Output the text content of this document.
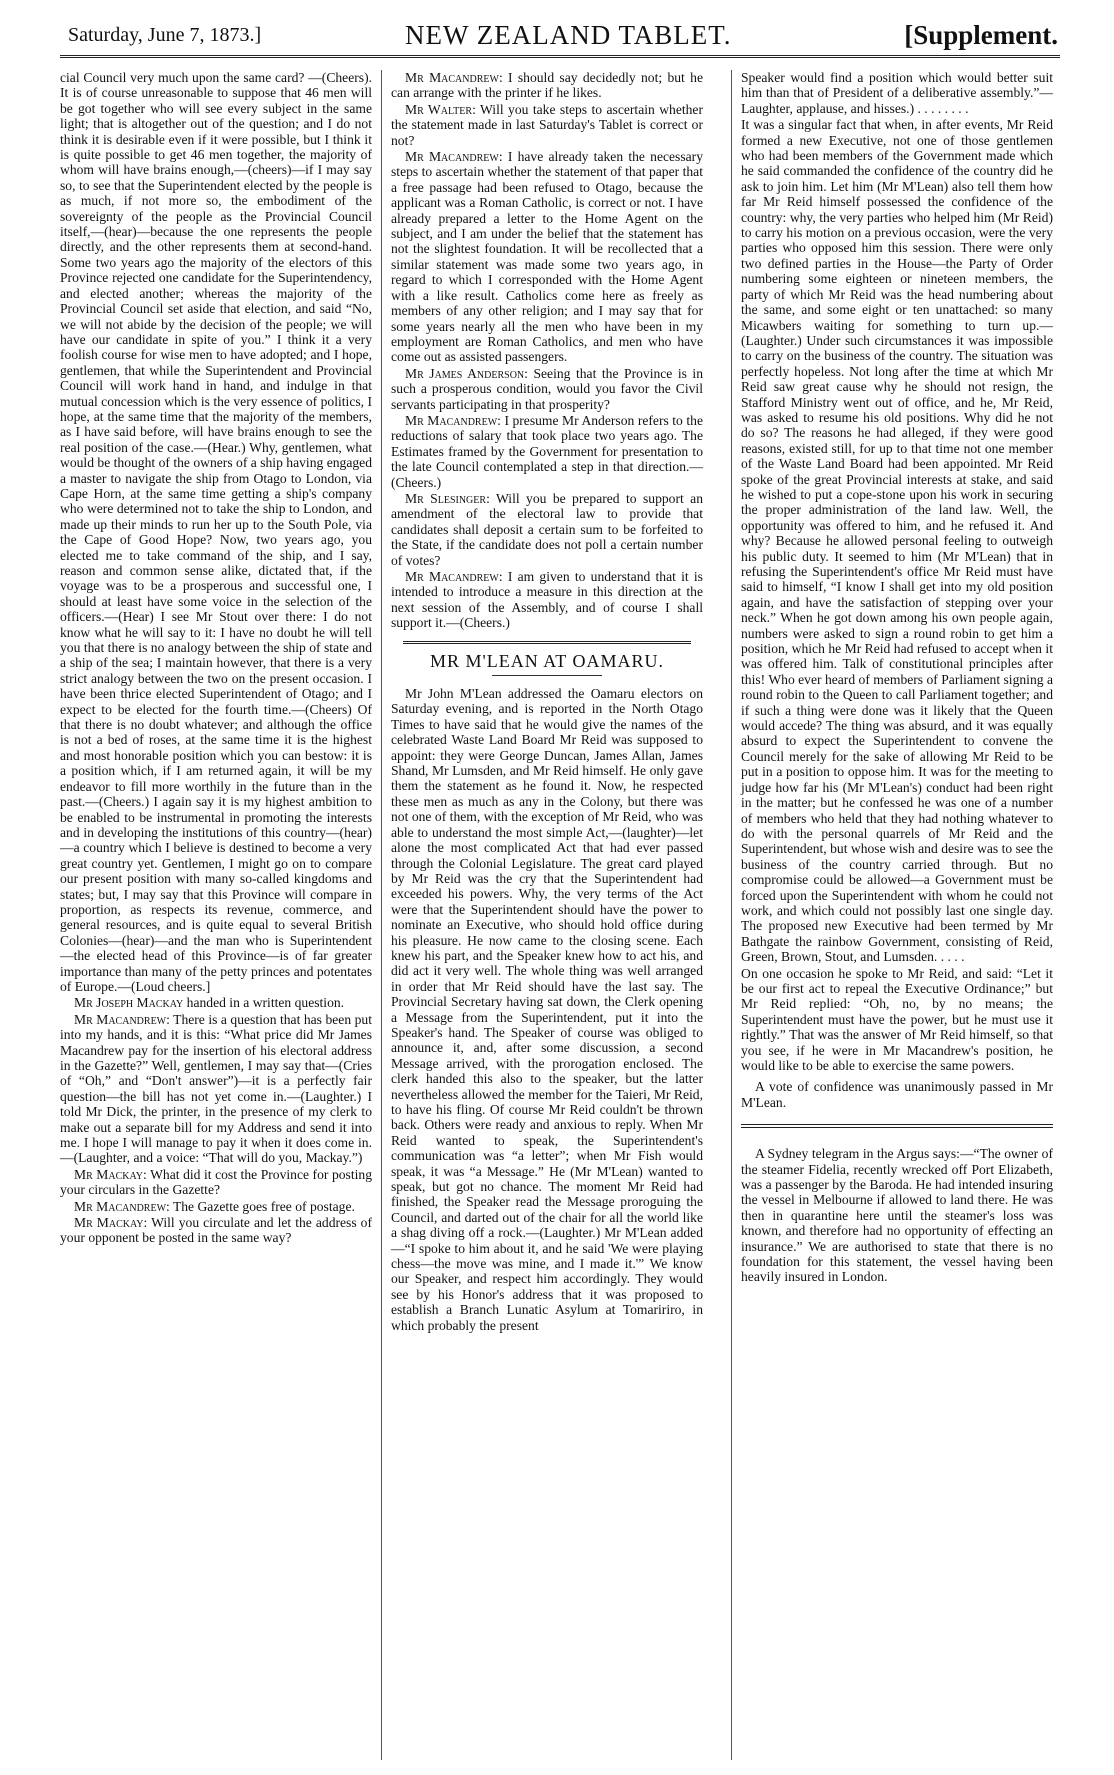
Saturday, June 7, 1873.]	NEW ZEALAND TABLET.	[Supplement.

cial Council very much upon the same card? —(Cheers). It is of course unreasonable to suppose that 46 men will be got together who will see every subject in the same light; that is altogether out of the question; and I do not think it is desirable even if it were possible, but I think it is quite possible to get 46 men together, the majority of whom will have brains enough,—(cheers)—if I may say so, to see that the Superintendent elected by the people is as much, if not more so, the embodiment of the sovereignty of the people as the Provincial Council itself,—(hear)—because the one represents the people directly, and the other represents them at second-hand. Some two years ago the majority of the electors of this Province rejected one candidate for the Superintendency, and elected another; whereas the majority of the Provincial Council set aside that election, and said “No, we will not abide by the decision of the people; we will have our candidate in spite of you.” I think it a very foolish course for wise men to have adopted; and I hope, gentlemen, that while the Superintendent and Provincial Council will work hand in hand, and indulge in that mutual concession which is the very essence of politics, I hope, at the same time that the majority of the members, as I have said before, will have brains enough to see the real position of the case.—(Hear.) Why, gentlemen, what would be thought of the owners of a ship having engaged a master to navigate the ship from Otago to London, via Cape Horn, at the same time getting a ship's company who were determined not to take the ship to London, and made up their minds to run her up to the South Pole, via the Cape of Good Hope? Now, two years ago, you elected me to take command of the ship, and I say, reason and common sense alike, dictated that, if the voyage was to be a prosperous and successful one, I should at least have some voice in the selection of the officers.—(Hear) I see Mr Stout over there: I do not know what he will say to it: I have no doubt he will tell you that there is no analogy between the ship of state and a ship of the sea; I maintain however, that there is a very strict analogy between the two on the present occasion. I have been thrice elected Superintendent of Otago; and I expect to be elected for the fourth time.—(Cheers) Of that there is no doubt whatever; and although the office is not a bed of roses, at the same time it is the highest and most honorable position which you can bestow: it is a position which, if I am returned again, it will be my endeavor to fill more worthily in the future than in the past.—(Cheers.) I again say it is my highest ambition to be enabled to be instrumental in promoting the interests and in developing the institutions of this country—(hear)—a country which I believe is destined to become a very great country yet. Gentlemen, I might go on to compare our present position with many so-called kingdoms and states; but, I may say that this Province will compare in proportion, as respects its revenue, commerce, and general resources, and is quite equal to several British Colonies—(hear)—and the man who is Superintendent—the elected head of this Province—is of far greater importance than many of the petty princes and potentates of Europe.—(Loud cheers.]

Mr Joseph Mackay handed in a written question.

Mr Macandrew: There is a question that has been put into my hands, and it is this: “What price did Mr James Macandrew pay for the insertion of his electoral address in the Gazette?” Well, gentlemen, I may say that—(Cries of “Oh,” and “Don't answer”)—it is a perfectly fair question—the bill has not yet come in.—(Laughter.) I told Mr Dick, the printer, in the presence of my clerk to make out a separate bill for my Address and send it into me. I hope I will manage to pay it when it does come in.—(Laughter, and a voice: “That will do you, Mackay.”)

Mr Mackay: What did it cost the Province for posting your circulars in the Gazette?

Mr Macandrew: The Gazette goes free of postage.

Mr Mackay: Will you circulate and let the address of your opponent be posted in the same way?

Mr Macandrew: I should say decidedly not; but he can arrange with the printer if he likes.

Mr Walter: Will you take steps to ascertain whether the statement made in last Saturday's Tablet is correct or not?

Mr Macandrew: I have already taken the necessary steps to ascertain whether the statement of that paper that a free passage had been refused to Otago, because the applicant was a Roman Catholic, is correct or not. I have already prepared a letter to the Home Agent on the subject, and I am under the belief that the statement has not the slightest foundation. It will be recollected that a similar statement was made some two years ago, in regard to which I corresponded with the Home Agent with a like result. Catholics come here as freely as members of any other religion; and I may say that for some years nearly all the men who have been in my employment are Roman Catholics, and men who have come out as assisted passengers.

Mr James Anderson: Seeing that the Province is in such a prosperous condition, would you favor the Civil servants participating in that prosperity?

Mr Macandrew: I presume Mr Anderson refers to the reductions of salary that took place two years ago. The Estimates framed by the Government for presentation to the late Council contemplated a step in that direction.—(Cheers.)

Mr Slesinger: Will you be prepared to support an amendment of the electoral law to provide that candidates shall deposit a certain sum to be forfeited to the State, if the candidate does not poll a certain number of votes?

Mr Macandrew: I am given to understand that it is intended to introduce a measure in this direction at the next session of the Assembly, and of course I shall support it.—(Cheers.)

MR M'LEAN AT OAMARU.

Mr John M'Lean addressed the Oamaru electors on Saturday evening, and is reported in the North Otago Times to have said that he would give the names of the celebrated Waste Land Board Mr Reid was supposed to appoint: they were George Duncan, James Allan, James Shand, Mr Lumsden, and Mr Reid himself. He only gave them the statement as he found it. Now, he respected these men as much as any in the Colony, but there was not one of them, with the exception of Mr Reid, who was able to understand the most simple Act,—(laughter)—let alone the most complicated Act that had ever passed through the Colonial Legislature. The great card played by Mr Reid was the cry that the Superintendent had exceeded his powers. Why, the very terms of the Act were that the Superintendent should have the power to nominate an Executive, who should hold office during his pleasure. He now came to the closing scene. Each knew his part, and the Speaker knew how to act his, and did act it very well. The whole thing was well arranged in order that Mr Reid should have the last say. The Provincial Secretary having sat down, the Clerk opening a Message from the Superintendent, put it into the Speaker's hand. The Speaker of course was obliged to announce it, and, after some discussion, a second Message arrived, with the prorogation enclosed. The clerk handed this also to the speaker, but the latter nevertheless allowed the member for the Taieri, Mr Reid, to have his fling. Of course Mr Reid couldn't be thrown back. Others were ready and anxious to reply. When Mr Reid wanted to speak, the Superintendent's communication was “a letter”; when Mr Fish would speak, it was “a Message.” He (Mr M'Lean) wanted to speak, but got no chance. The moment Mr Reid had finished, the Speaker read the Message proroguing the Council, and darted out of the chair for all the world like a shag diving off a rock.—(Laughter.) Mr M'Lean added—“I spoke to him about it, and he said 'We were playing chess—the move was mine, and I made it.'” We know our Speaker, and respect him accordingly. They would see by his Honor's address that it was proposed to establish a Branch Lunatic Asylum at Tomaririro, in which probably the present

Speaker would find a position which would better suit him than that of President of a deliberative assembly.”—Laughter, applause, and hisses.) . . . . . . . .

It was a singular fact that when, in after events, Mr Reid formed a new Executive, not one of those gentlemen who had been members of the Government made which he said commanded the confidence of the country did he ask to join him. Let him (Mr M'Lean) also tell them how far Mr Reid himself possessed the confidence of the country: why, the very parties who helped him (Mr Reid) to carry his motion on a previous occasion, were the very parties who opposed him this session. There were only two defined parties in the House—the Party of Order numbering some eighteen or nineteen members, the party of which Mr Reid was the head numbering about the same, and some eight or ten unattached: so many Micawbers waiting for something to turn up.—(Laughter.) Under such circumstances it was impossible to carry on the business of the country. The situation was perfectly hopeless. Not long after the time at which Mr Reid saw great cause why he should not resign, the Stafford Ministry went out of office, and he, Mr Reid, was asked to resume his old positions. Why did he not do so? The reasons he had alleged, if they were good reasons, existed still, for up to that time not one member of the Waste Land Board had been appointed. Mr Reid spoke of the great Provincial interests at stake, and said he wished to put a cope-stone upon his work in securing the proper administration of the land law. Well, the opportunity was offered to him, and he refused it. And why? Because he allowed personal feeling to outweigh his public duty. It seemed to him (Mr M'Lean) that in refusing the Superintendent's office Mr Reid must have said to himself, “I know I shall get into my old position again, and have the satisfaction of stepping over your neck.” When he got down among his own people again, numbers were asked to sign a round robin to get him a position, which he Mr Reid had refused to accept when it was offered him. Talk of constitutional principles after this! Who ever heard of members of Parliament signing a round robin to the Queen to call Parliament together; and if such a thing were done was it likely that the Queen would accede? The thing was absurd, and it was equally absurd to expect the Superintendent to convene the Council merely for the sake of allowing Mr Reid to be put in a position to oppose him. It was for the meeting to judge how far his (Mr M'Lean's) conduct had been right in the matter; but he confessed he was one of a number of members who held that they had nothing whatever to do with the personal quarrels of Mr Reid and the Superintendent, but whose wish and desire was to see the business of the country carried through. But no compromise could be allowed—a Government must be forced upon the Superintendent with whom he could not work, and which could not possibly last one single day. The proposed new Executive had been termed by Mr Bathgate the rainbow Government, consisting of Reid, Green, Brown, Stout, and Lumsden. . . . .

On one occasion he spoke to Mr Reid, and said: “Let it be our first act to repeal the Executive Ordinance;” but Mr Reid replied: “Oh, no, by no means; the Superintendent must have the power, but he must use it rightly.” That was the answer of Mr Reid himself, so that you see, if he were in Mr Macandrew's position, he would like to be able to exercise the same powers.

A vote of confidence was unanimously passed in Mr M'Lean.

A Sydney telegram in the Argus says:—“The owner of the steamer Fidelia, recently wrecked off Port Elizabeth, was a passenger by the Baroda. He had intended insuring the vessel in Melbourne if allowed to land there. He was then in quarantine here until the steamer's loss was known, and therefore had no opportunity of effecting an insurance.” We are authorised to state that there is no foundation for this statement, the vessel having been heavily insured in London.
